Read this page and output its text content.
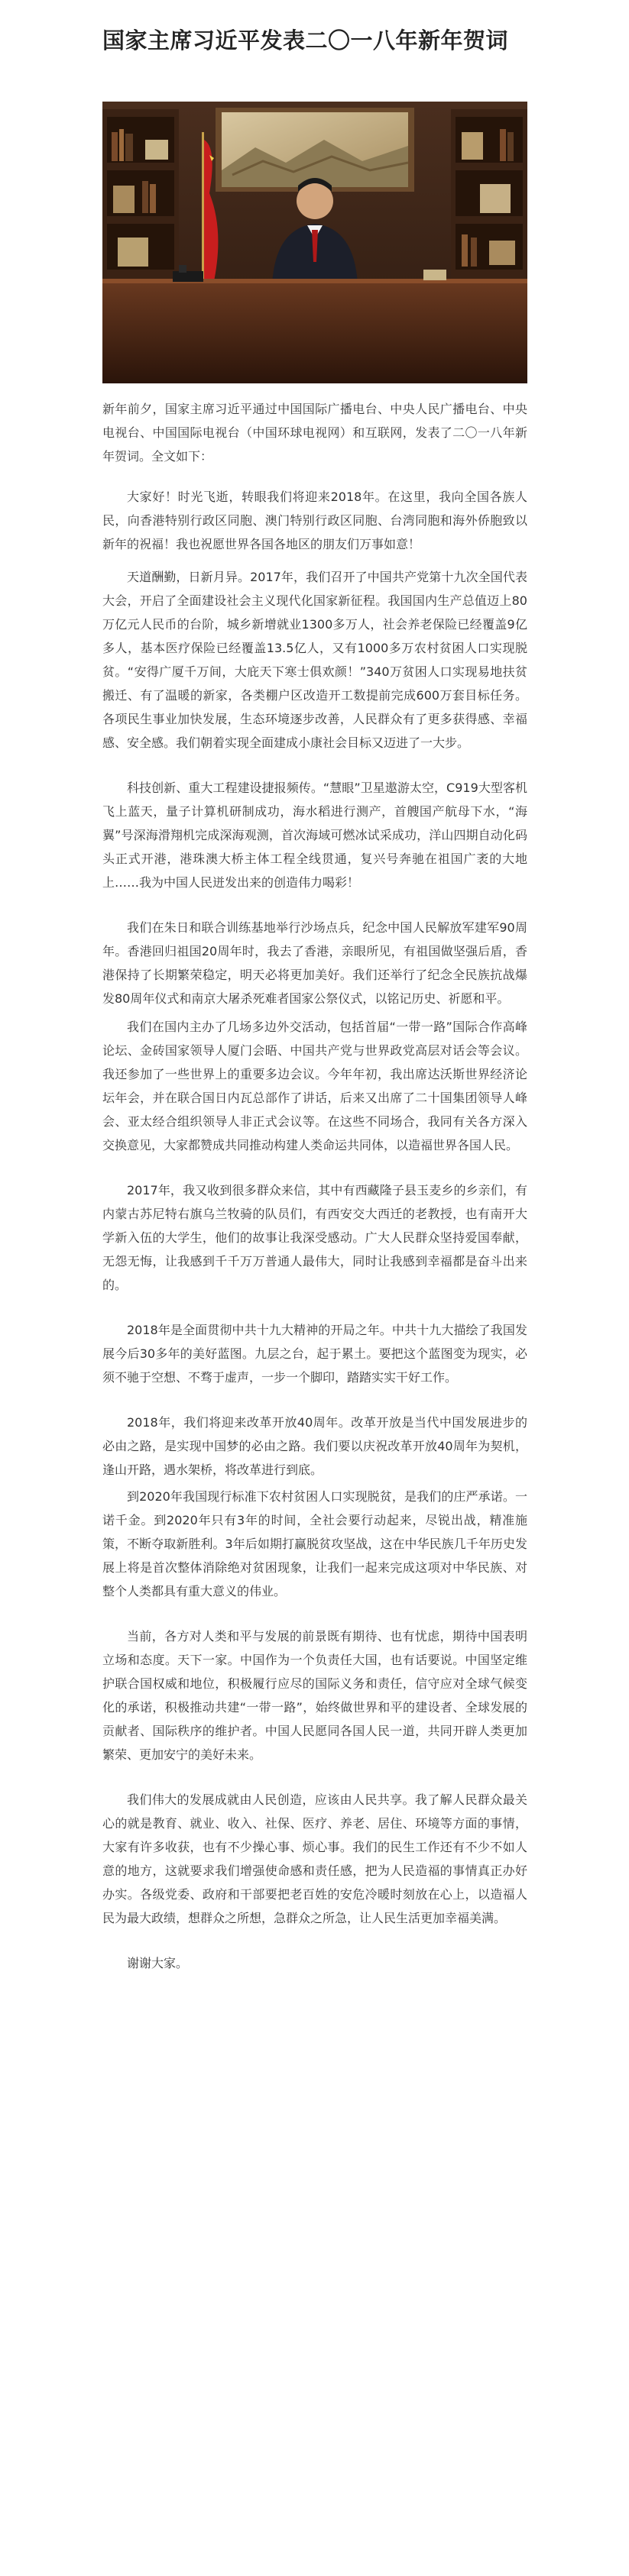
国家主席习近平发表二〇一八年新年贺词

新年前夕，国家主席习近平通过中国国际广播电台、中央人民广播电台、中央电视台、中国国际电视台（中国环球电视网）和互联网，发表了二〇一八年新年贺词。全文如下：

大家好！时光飞逝，转眼我们将迎来2018年。在这里，我向全国各族人民，向香港特别行政区同胞、澳门特别行政区同胞、台湾同胞和海外侨胞致以新年的祝福！我也祝愿世界各国各地区的朋友们万事如意！

天道酬勤，日新月异。2017年，我们召开了中国共产党第十九次全国代表大会，开启了全面建设社会主义现代化国家新征程。我国国内生产总值迈上80万亿元人民币的台阶，城乡新增就业1300多万人，社会养老保险已经覆盖9亿多人，基本医疗保险已经覆盖13.5亿人，又有1000多万农村贫困人口实现脱贫。“安得广厦千万间，大庇天下寒士俱欢颜！”340万贫困人口实现易地扶贫搬迁、有了温暖的新家，各类棚户区改造开工数提前完成600万套目标任务。各项民生事业加快发展，生态环境逐步改善，人民群众有了更多获得感、幸福感、安全感。我们朝着实现全面建成小康社会目标又迈进了一大步。

科技创新、重大工程建设捷报频传。“慧眼”卫星遨游太空，C919大型客机飞上蓝天，量子计算机研制成功，海水稻进行测产，首艘国产航母下水，“海翼”号深海滑翔机完成深海观测，首次海域可燃冰试采成功，洋山四期自动化码头正式开港，港珠澳大桥主体工程全线贯通，复兴号奔驰在祖国广袤的大地上……我为中国人民迸发出来的创造伟力喝彩！

我们在朱日和联合训练基地举行沙场点兵，纪念中国人民解放军建军90周年。香港回归祖国20周年时，我去了香港，亲眼所见，有祖国做坚强后盾，香港保持了长期繁荣稳定，明天必将更加美好。我们还举行了纪念全民族抗战爆发80周年仪式和南京大屠杀死难者国家公祭仪式，以铭记历史、祈愿和平。

我们在国内主办了几场多边外交活动，包括首届“一带一路”国际合作高峰论坛、金砖国家领导人厦门会晤、中国共产党与世界政党高层对话会等会议。我还参加了一些世界上的重要多边会议。今年年初，我出席达沃斯世界经济论坛年会，并在联合国日内瓦总部作了讲话，后来又出席了二十国集团领导人峰会、亚太经合组织领导人非正式会议等。在这些不同场合，我同有关各方深入交换意见，大家都赞成共同推动构建人类命运共同体，以造福世界各国人民。

2017年，我又收到很多群众来信，其中有西藏隆子县玉麦乡的乡亲们，有内蒙古苏尼特右旗乌兰牧骑的队员们，有西安交大西迁的老教授，也有南开大学新入伍的大学生，他们的故事让我深受感动。广大人民群众坚持爱国奉献，无怨无悔，让我感到千千万万普通人最伟大，同时让我感到幸福都是奋斗出来的。

2018年是全面贯彻中共十九大精神的开局之年。中共十九大描绘了我国发展今后30多年的美好蓝图。九层之台，起于累土。要把这个蓝图变为现实，必须不驰于空想、不骛于虚声，一步一个脚印，踏踏实实干好工作。

2018年，我们将迎来改革开放40周年。改革开放是当代中国发展进步的必由之路，是实现中国梦的必由之路。我们要以庆祝改革开放40周年为契机，逢山开路，遇水架桥，将改革进行到底。

到2020年我国现行标准下农村贫困人口实现脱贫，是我们的庄严承诺。一诺千金。到2020年只有3年的时间，全社会要行动起来，尽锐出战，精准施策，不断夺取新胜利。3年后如期打赢脱贫攻坚战，这在中华民族几千年历史发展上将是首次整体消除绝对贫困现象，让我们一起来完成这项对中华民族、对整个人类都具有重大意义的伟业。

当前，各方对人类和平与发展的前景既有期待、也有忧虑，期待中国表明立场和态度。天下一家。中国作为一个负责任大国，也有话要说。中国坚定维护联合国权威和地位，积极履行应尽的国际义务和责任，信守应对全球气候变化的承诺，积极推动共建“一带一路”，始终做世界和平的建设者、全球发展的贡献者、国际秩序的维护者。中国人民愿同各国人民一道，共同开辟人类更加繁荣、更加安宁的美好未来。

我们伟大的发展成就由人民创造，应该由人民共享。我了解人民群众最关心的就是教育、就业、收入、社保、医疗、养老、居住、环境等方面的事情，大家有许多收获，也有不少操心事、烦心事。我们的民生工作还有不少不如人意的地方，这就要求我们增强使命感和责任感，把为人民造福的事情真正办好办实。各级党委、政府和干部要把老百姓的安危冷暖时刻放在心上，以造福人民为最大政绩，想群众之所想，急群众之所急，让人民生活更加幸福美满。

谢谢大家。
